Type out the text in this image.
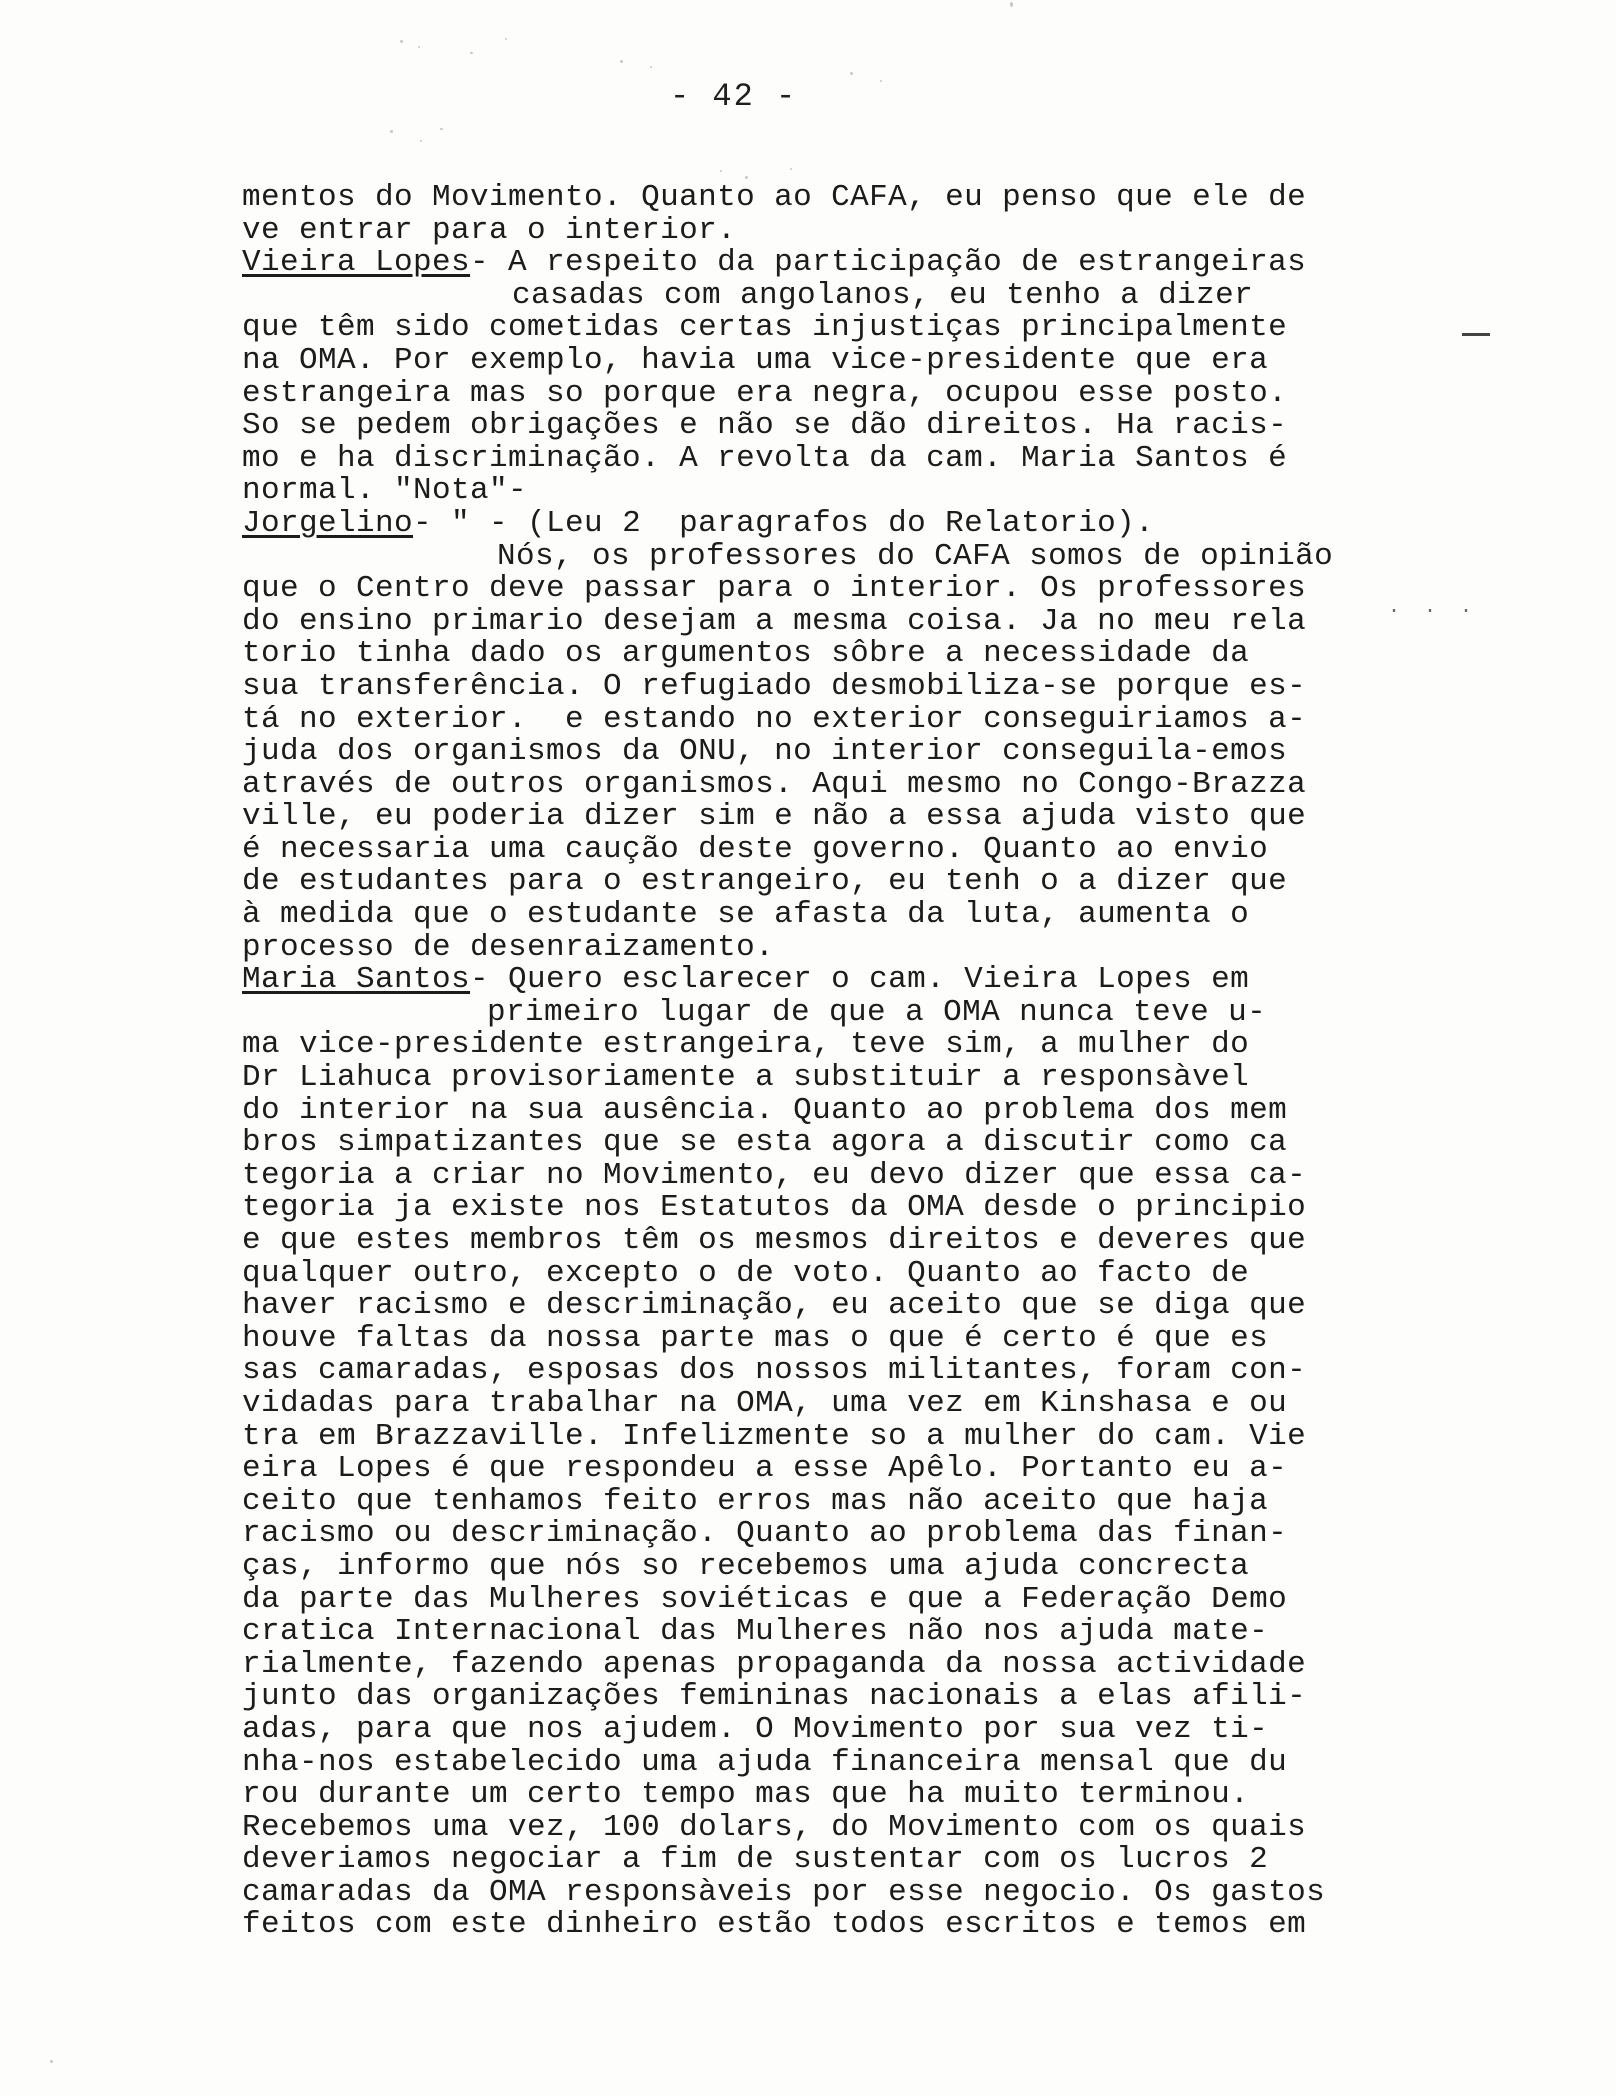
· · ·
- 42 -
mentos do Movimento. Quanto ao CAFA, eu penso que ele de
ve entrar para o interior.
Vieira Lopes- A respeito da participação de estrangeiras
casadas com angolanos, eu tenho a dizer
que têm sido cometidas certas injustiças principalmente
na OMA. Por exemplo, havia uma vice-presidente que era
estrangeira mas so porque era negra, ocupou esse posto.
So se pedem obrigações e não se dão direitos. Ha racis-
mo e ha discriminação. A revolta da cam. Maria Santos é
normal. "Nota"-
Jorgelino- " - (Leu 2  paragrafos do Relatorio).
Nós, os professores do CAFA somos de opinião
que o Centro deve passar para o interior. Os professores
do ensino primario desejam a mesma coisa. Ja no meu rela
torio tinha dado os argumentos sôbre a necessidade da
sua transferência. O refugiado desmobiliza-se porque es-
tá no exterior.  e estando no exterior conseguiriamos a-
juda dos organismos da ONU, no interior conseguila-emos
através de outros organismos. Aqui mesmo no Congo-Brazza
ville, eu poderia dizer sim e não a essa ajuda visto que
é necessaria uma caução deste governo. Quanto ao envio
de estudantes para o estrangeiro, eu tenh o a dizer que
à medida que o estudante se afasta da luta, aumenta o
processo de desenraizamento.
Maria Santos- Quero esclarecer o cam. Vieira Lopes em
primeiro lugar de que a OMA nunca teve u-
ma vice-presidente estrangeira, teve sim, a mulher do
Dr Liahuca provisoriamente a substituir a responsàvel
do interior na sua ausência. Quanto ao problema dos mem
bros simpatizantes que se esta agora a discutir como ca
tegoria a criar no Movimento, eu devo dizer que essa ca-
tegoria ja existe nos Estatutos da OMA desde o principio
e que estes membros têm os mesmos direitos e deveres que
qualquer outro, excepto o de voto. Quanto ao facto de
haver racismo e descriminação, eu aceito que se diga que
houve faltas da nossa parte mas o que é certo é que es
sas camaradas, esposas dos nossos militantes, foram con-
vidadas para trabalhar na OMA, uma vez em Kinshasa e ou
tra em Brazzaville. Infelizmente so a mulher do cam. Vie
eira Lopes é que respondeu a esse Apêlo. Portanto eu a-
ceito que tenhamos feito erros mas não aceito que haja
racismo ou descriminação. Quanto ao problema das finan-
ças, informo que nós so recebemos uma ajuda concrecta
da parte das Mulheres soviéticas e que a Federação Demo
cratica Internacional das Mulheres não nos ajuda mate-
rialmente, fazendo apenas propaganda da nossa actividade
junto das organizações femininas nacionais a elas afili-
adas, para que nos ajudem. O Movimento por sua vez ti-
nha-nos estabelecido uma ajuda financeira mensal que du
rou durante um certo tempo mas que ha muito terminou.
Recebemos uma vez, 100 dolars, do Movimento com os quais
deveriamos negociar a fim de sustentar com os lucros 2
camaradas da OMA responsàveis por esse negocio. Os gastos
feitos com este dinheiro estão todos escritos e temos em
